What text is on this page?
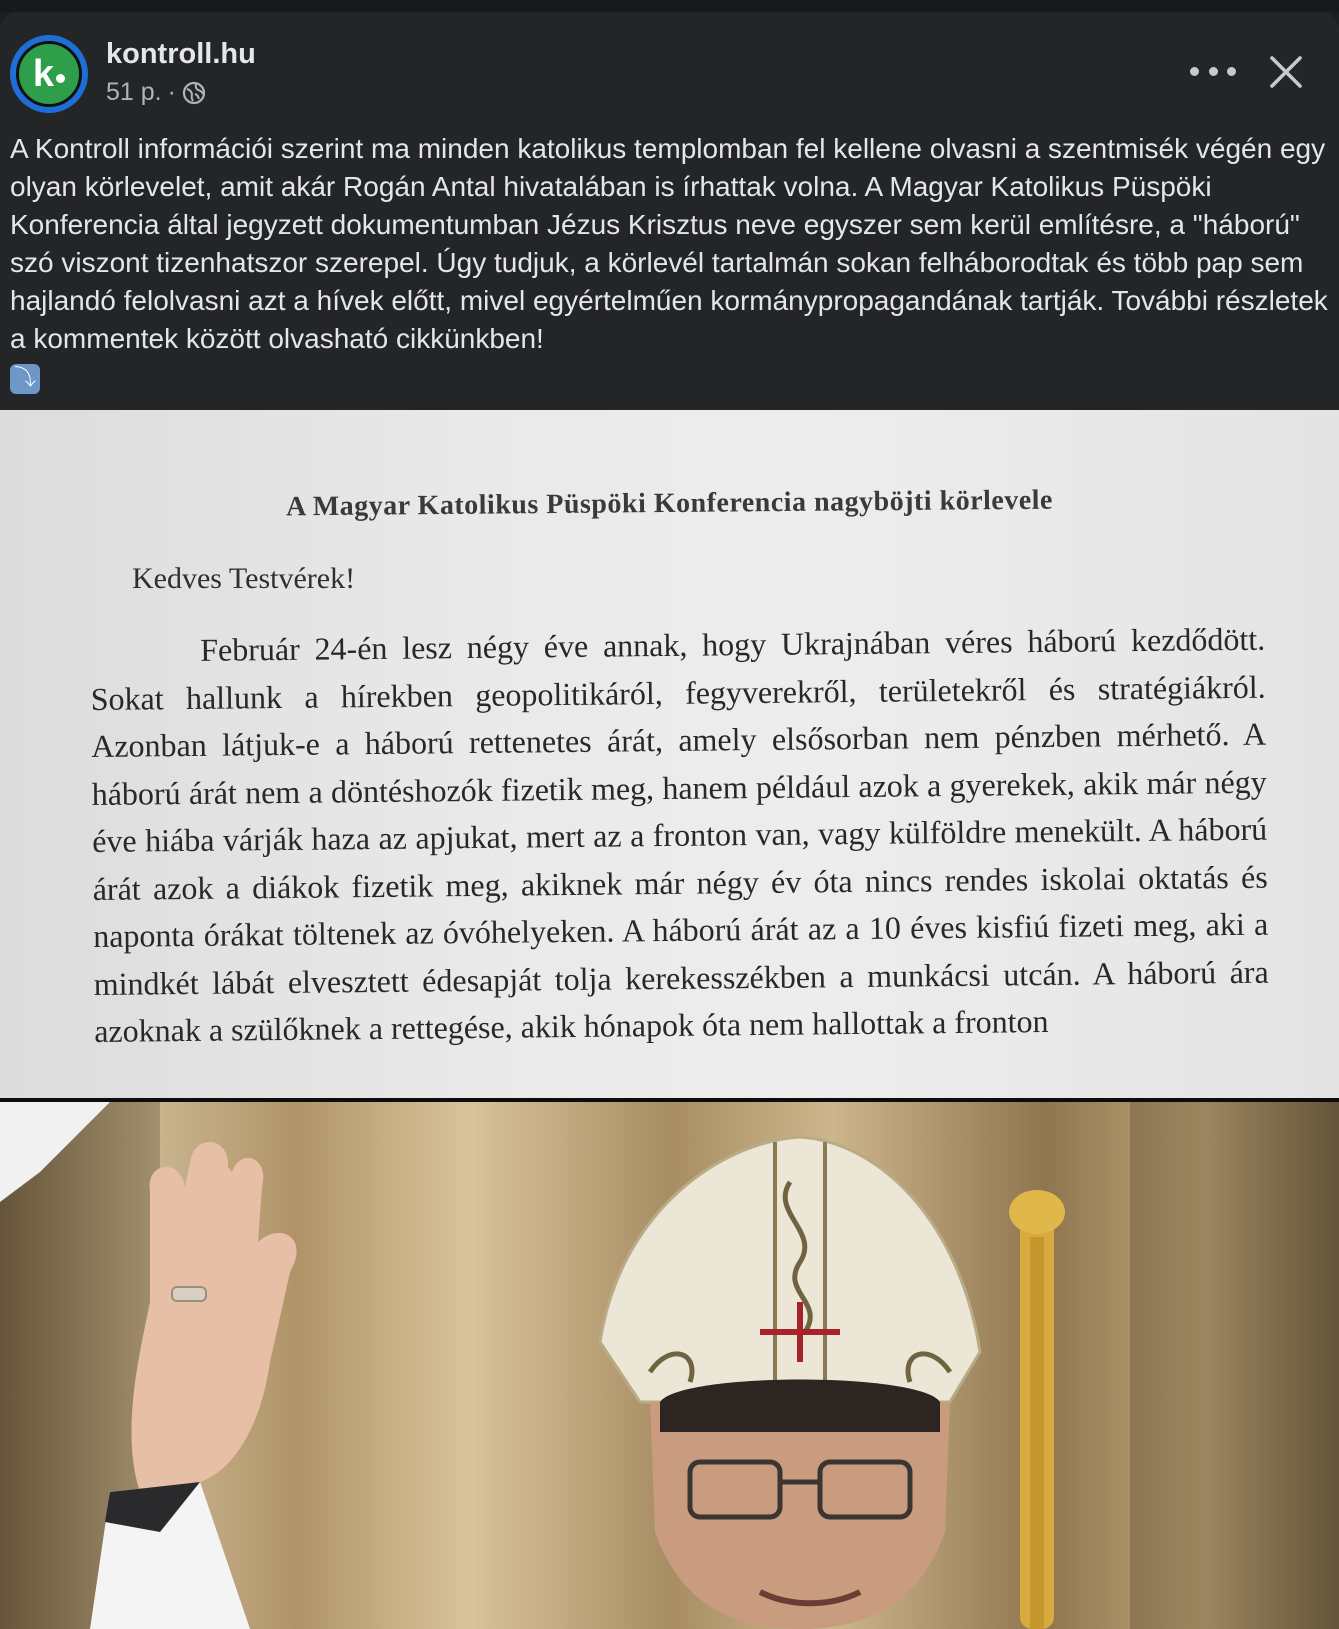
k kontroll.hu
51 p. ·

A Kontroll információi szerint ma minden katolikus templomban fel kellene olvasni a szentmisék végén egy olyan körlevelet, amit akár Rogán Antal hivatalában is írhattak volna. A Magyar Katolikus Püspöki Konferencia által jegyzett dokumentumban Jézus Krisztus neve egyszer sem kerül említésre, a "háború" szó viszont tizenhatszor szerepel. Úgy tudjuk, a körlevél tartalmán sokan felháborodtak és több pap sem hajlandó felolvasni azt a hívek előtt, mivel egyértelműen kormánypropagandának tartják. További részletek a kommentek között olvasható cikkünkben!
⤵

A Magyar Katolikus Püspöki Konferencia nagyböjti körlevele
Kedves Testvérek!

Február 24-én lesz négy éve annak, hogy Ukrajnában véres háború kezdődött. Sokat hallunk a hírekben geopolitikáról, fegyverekről, területekről és stratégiákról. Azonban látjuk-e a háború rettenetes árát, amely elsősorban nem pénzben mérhető. A háború árát nem a döntéshozók fizetik meg, hanem például azok a gyerekek, akik már négy éve hiába várják haza az apjukat, mert az a fronton van, vagy külföldre menekült. A háború árát azok a diákok fizetik meg, akiknek már négy év óta nincs rendes iskolai oktatás és naponta órákat töltenek az óvóhelyeken. A háború árát az a 10 éves kisfiú fizeti meg, aki a mindkét lábát elvesztett édesapját tolja kerekesszékben a munkácsi utcán. A háború ára azoknak a szülőknek a rettegése, akik hónapok óta nem hallottak a fronton
